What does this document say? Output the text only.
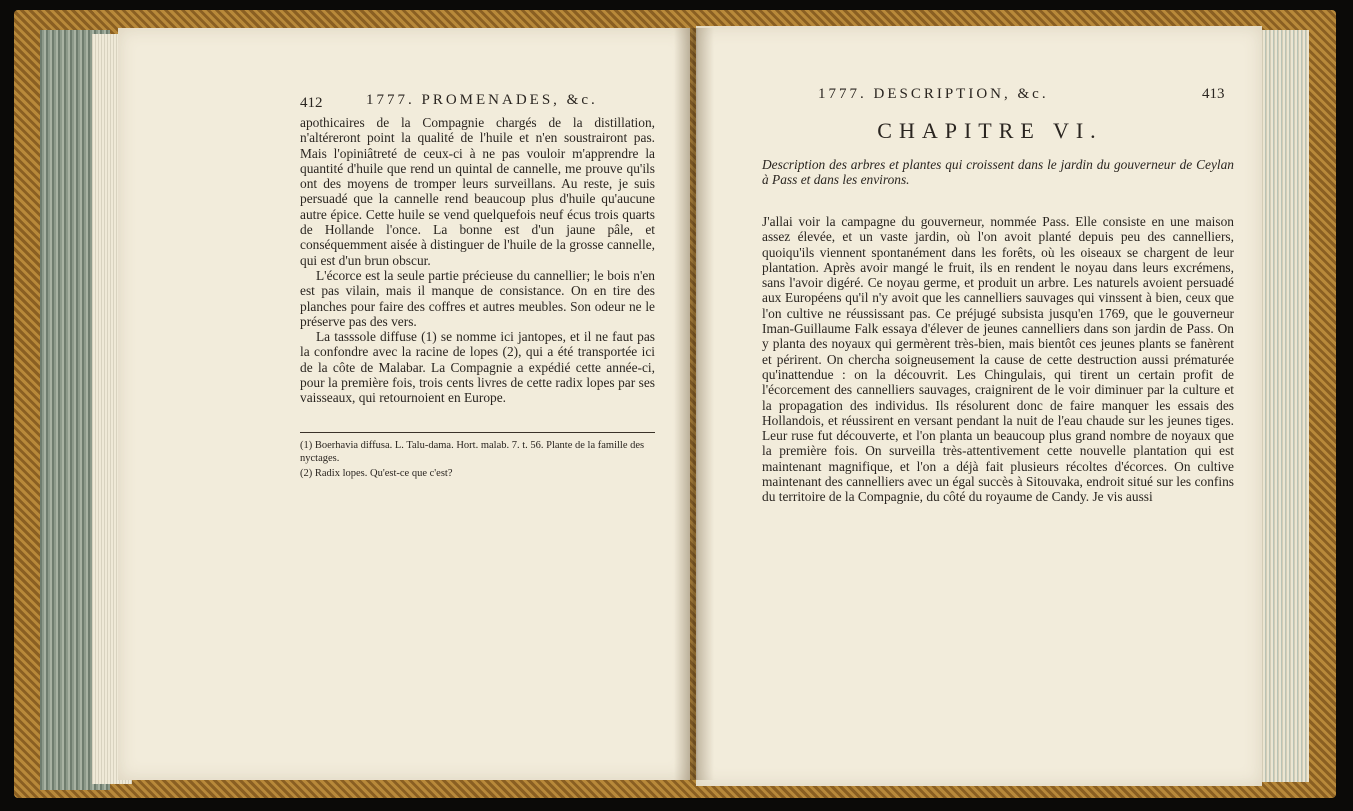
412	1777. PROMENADES, &c.

apothicaires de la Compagnie chargés de la distillation, n'altéreront point la qualité de l'huile et n'en soustrairont pas. Mais l'opiniâtreté de ceux-ci à ne pas vouloir m'apprendre la quantité d'huile que rend un quintal de cannelle, me prouve qu'ils ont des moyens de tromper leurs surveillans. Au reste, je suis persuadé que la cannelle rend beaucoup plus d'huile qu'aucune autre épice. Cette huile se vend quelquefois neuf écus trois quarts de Hollande l'once. La bonne est d'un jaune pâle, et conséquemment aisée à distinguer de l'huile de la grosse cannelle, qui est d'un brun obscur.

L'écorce est la seule partie précieuse du cannellier; le bois n'en est pas vilain, mais il manque de consistance. On en tire des planches pour faire des coffres et autres meubles. Son odeur ne le préserve pas des vers.

La tasssole diffuse (1) se nomme ici jantopes, et il ne faut pas la confondre avec la racine de lopes (2), qui a été transportée ici de la côte de Malabar. La Compagnie a expédié cette année-ci, pour la première fois, trois cents livres de cette radix lopes par ses vaisseaux, qui retournoient en Europe.

(1) Boerhavia diffusa. L. Talu-dama. Hort. malab. 7. t. 56. Plante de la famille des nyctages.

(2) Radix lopes. Qu'est-ce que c'est?

1777. DESCRIPTION, &c.	413
CHAPITRE VI.
Description des arbres et plantes qui croissent dans le jardin du gouverneur de Ceylan à Pass et dans les environs.

J'allai voir la campagne du gouverneur, nommée Pass. Elle consiste en une maison assez élevée, et un vaste jardin, où l'on avoit planté depuis peu des cannelliers, quoiqu'ils viennent spontanément dans les forêts, où les oiseaux se chargent de leur plantation. Après avoir mangé le fruit, ils en rendent le noyau dans leurs excrémens, sans l'avoir digéré. Ce noyau germe, et produit un arbre. Les naturels avoient persuadé aux Européens qu'il n'y avoit que les cannelliers sauvages qui vinssent à bien, ceux que l'on cultive ne réussissant pas. Ce préjugé subsista jusqu'en 1769, que le gouverneur Iman-Guillaume Falk essaya d'élever de jeunes cannelliers dans son jardin de Pass. On y planta des noyaux qui germèrent très-bien, mais bientôt ces jeunes plants se fanèrent et périrent. On chercha soigneusement la cause de cette destruction aussi prématurée qu'inattendue : on la découvrit. Les Chingulais, qui tirent un certain profit de l'écorcement des cannelliers sauvages, craignirent de le voir diminuer par la culture et la propagation des individus. Ils résolurent donc de faire manquer les essais des Hollandois, et réussirent en versant pendant la nuit de l'eau chaude sur les jeunes tiges. Leur ruse fut découverte, et l'on planta un beaucoup plus grand nombre de noyaux que la première fois. On surveilla très-attentivement cette nouvelle plantation qui est maintenant magnifique, et l'on a déjà fait plusieurs récoltes d'écorces. On cultive maintenant des cannelliers avec un égal succès à Sitouvaka, endroit situé sur les confins du territoire de la Compagnie, du côté du royaume de Candy. Je vis aussi
